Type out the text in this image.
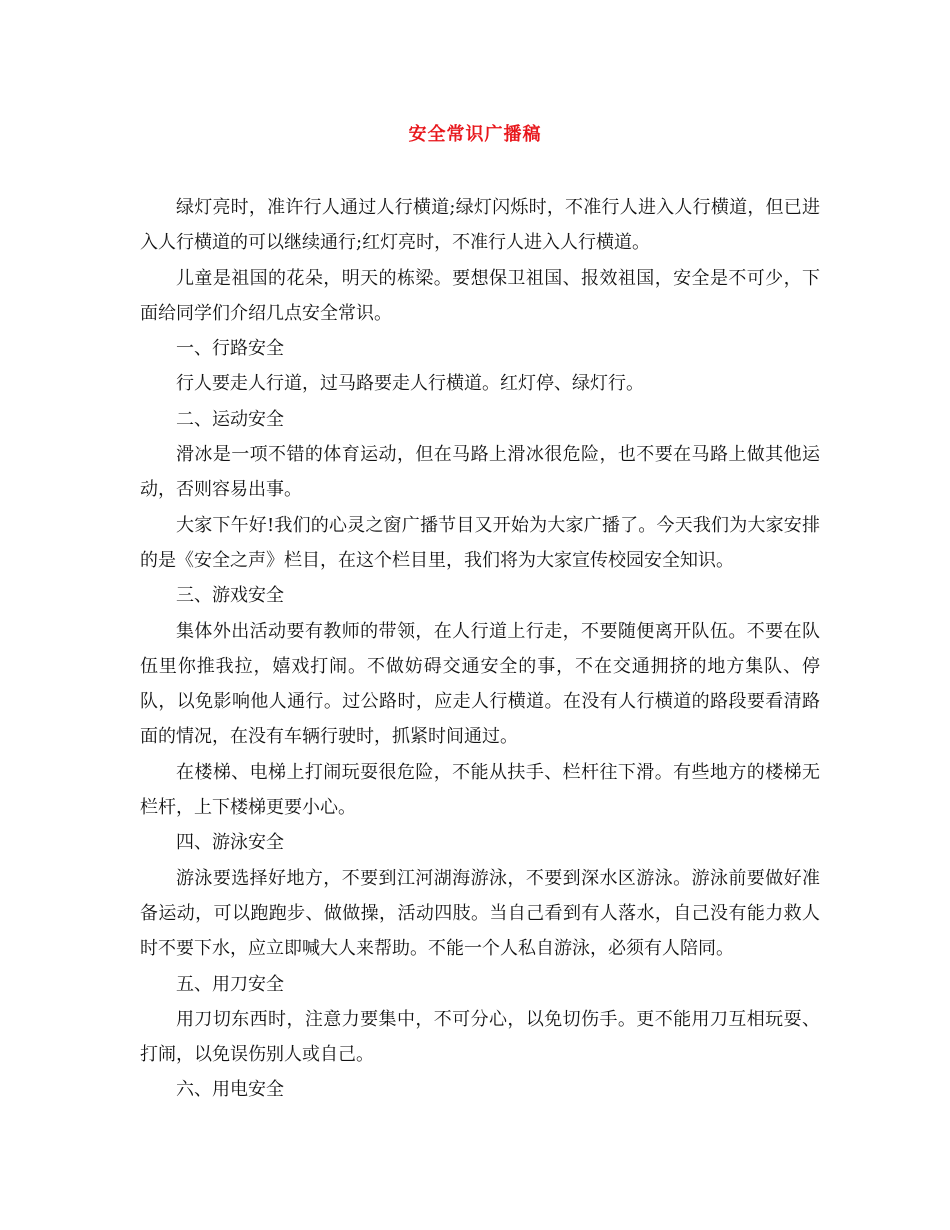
安全常识广播稿

绿灯亮时，准许行人通过人行横道;绿灯闪烁时，不准行人进入人行横道，但已进入人行横道的可以继续通行;红灯亮时，不准行人进入人行横道。

儿童是祖国的花朵，明天的栋梁。要想保卫祖国、报效祖国，安全是不可少，下面给同学们介绍几点安全常识。

一、行路安全

行人要走人行道，过马路要走人行横道。红灯停、绿灯行。

二、运动安全

滑冰是一项不错的体育运动，但在马路上滑冰很危险，也不要在马路上做其他运动，否则容易出事。

大家下午好!我们的心灵之窗广播节目又开始为大家广播了。今天我们为大家安排的是《安全之声》栏目，在这个栏目里，我们将为大家宣传校园安全知识。

三、游戏安全

集体外出活动要有教师的带领，在人行道上行走，不要随便离开队伍。不要在队伍里你推我拉，嬉戏打闹。不做妨碍交通安全的事，不在交通拥挤的地方集队、停队，以免影响他人通行。过公路时，应走人行横道。在没有人行横道的路段要看清路面的情况，在没有车辆行驶时，抓紧时间通过。

在楼梯、电梯上打闹玩耍很危险，不能从扶手、栏杆往下滑。有些地方的楼梯无栏杆，上下楼梯更要小心。

四、游泳安全

游泳要选择好地方，不要到江河湖海游泳，不要到深水区游泳。游泳前要做好准备运动，可以跑跑步、做做操，活动四肢。当自己看到有人落水，自己没有能力救人时不要下水，应立即喊大人来帮助。不能一个人私自游泳，必须有人陪同。

五、用刀安全

用刀切东西时，注意力要集中，不可分心，以免切伤手。更不能用刀互相玩耍、打闹，以免误伤别人或自己。

六、用电安全
